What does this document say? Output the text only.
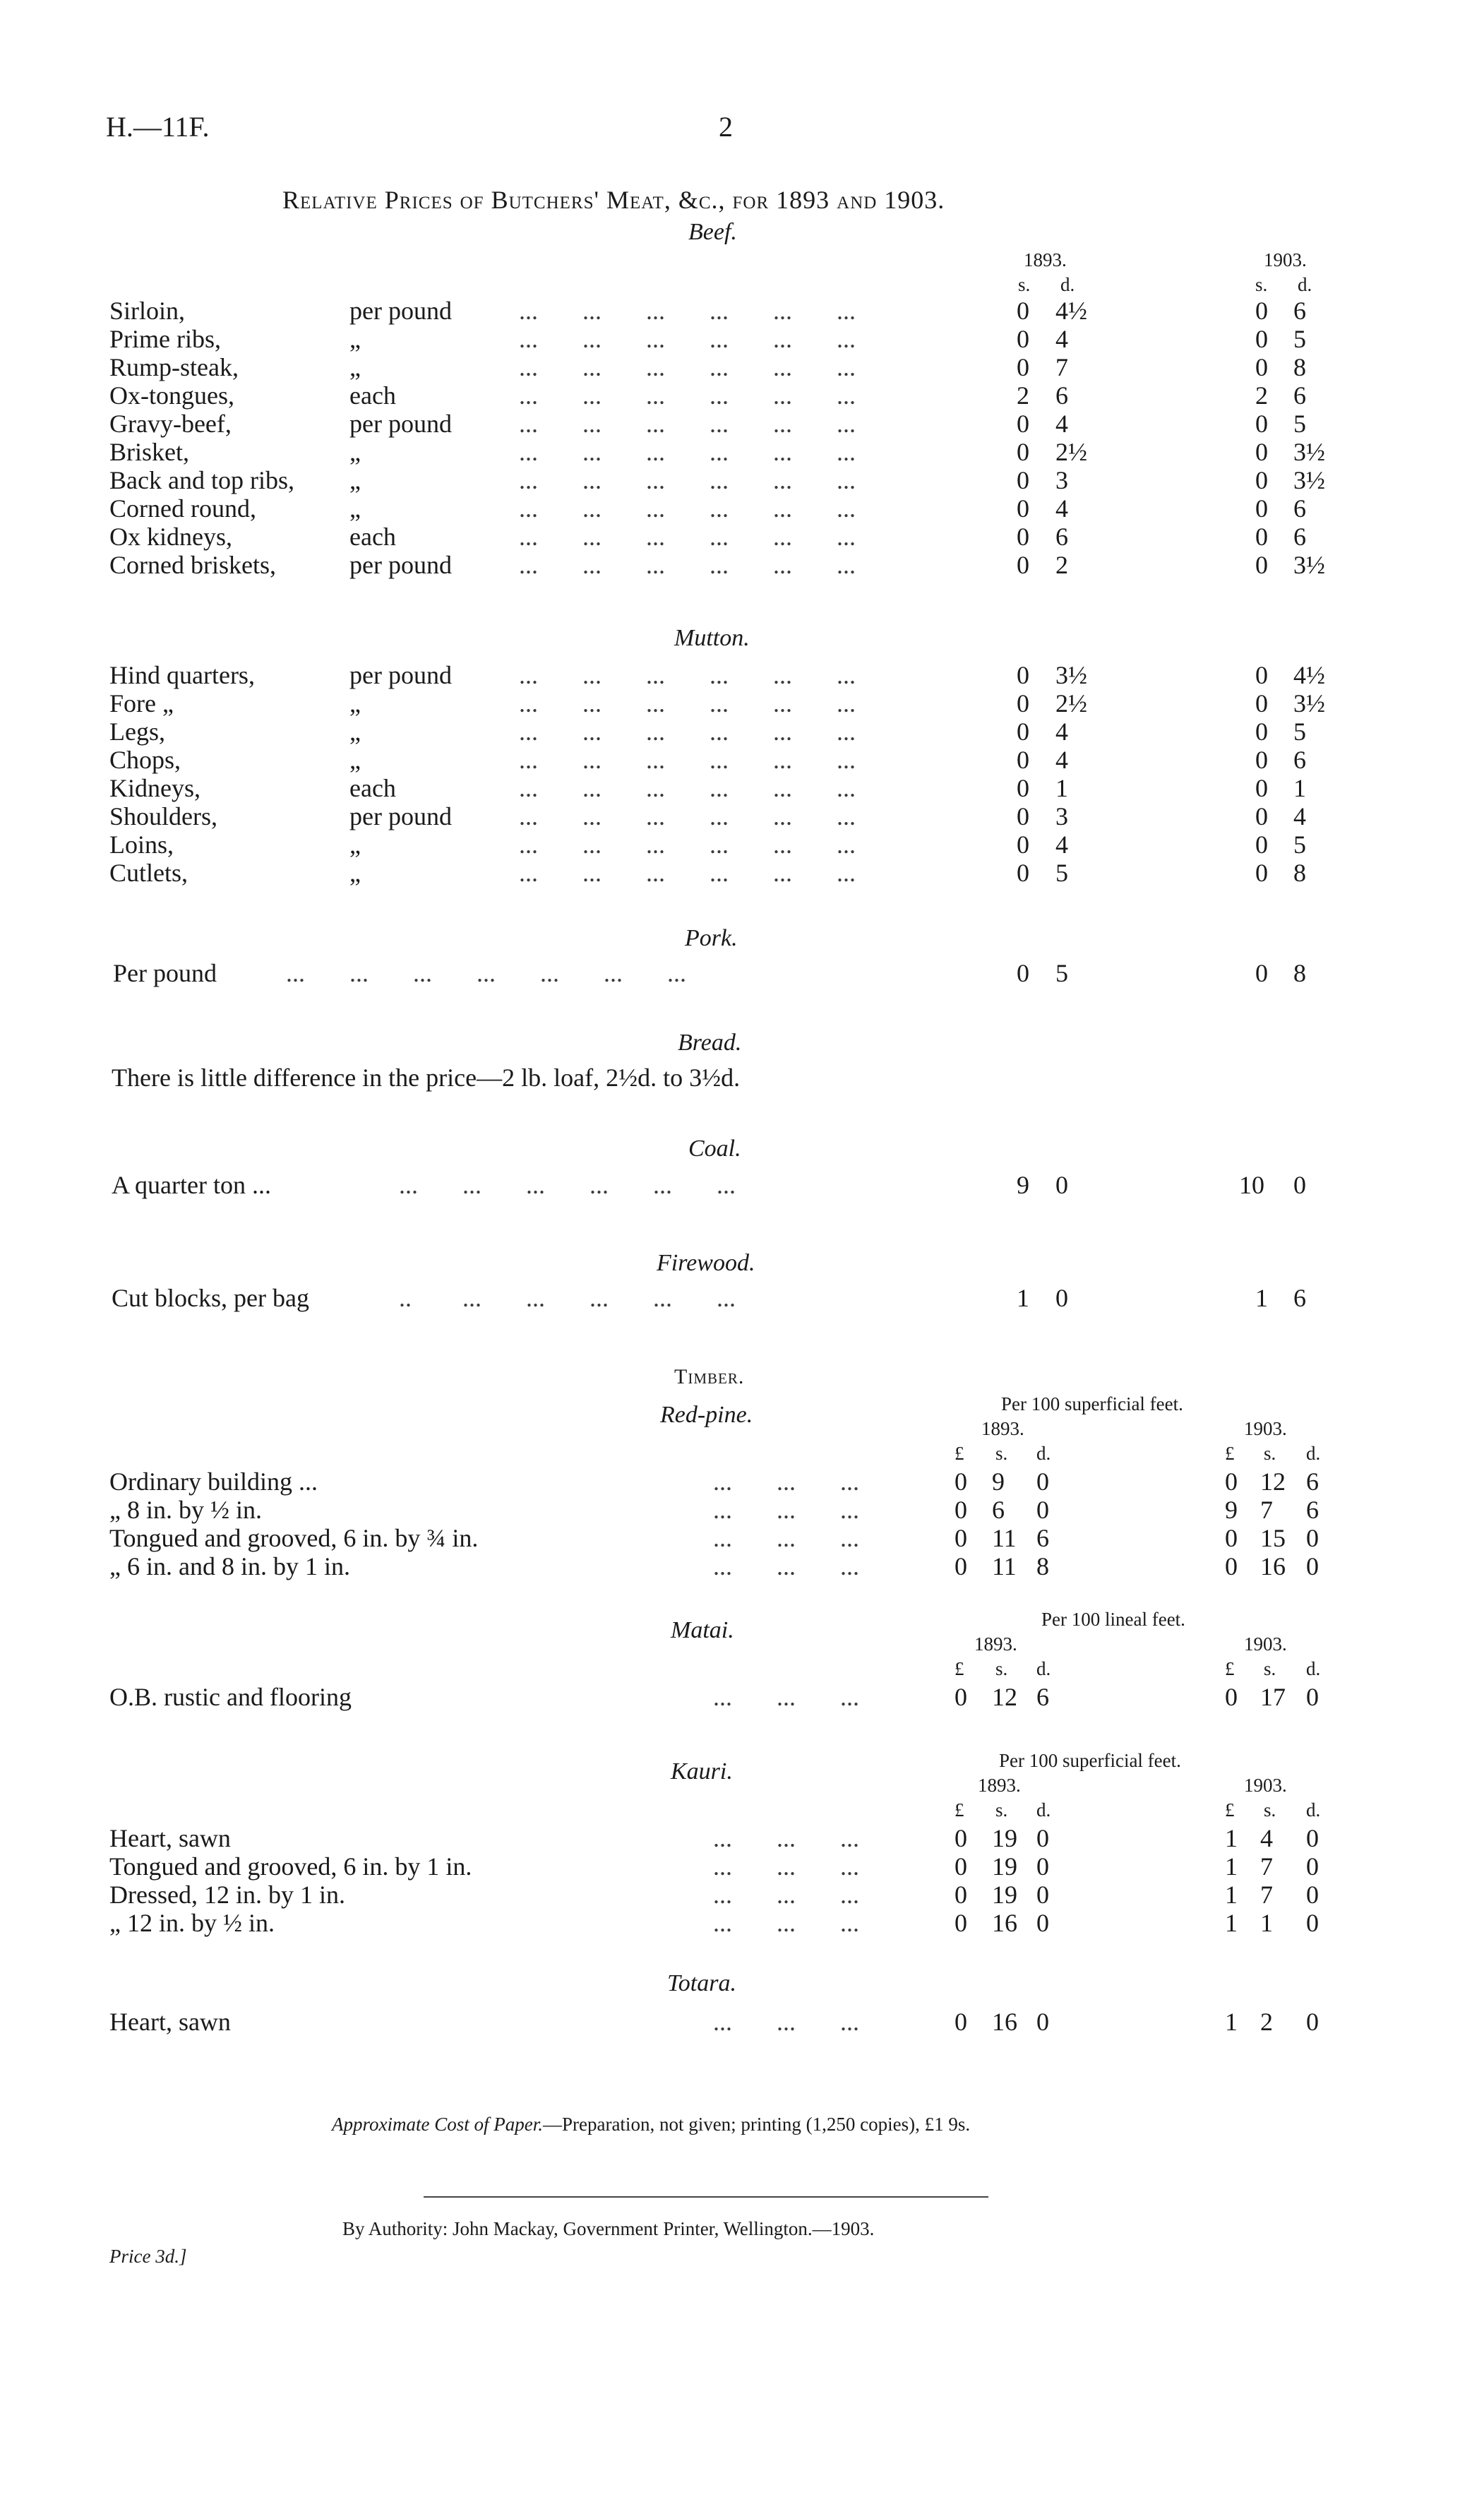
H.—11F.	2
Relative Prices of Butchers' Meat, &c., for 1893 and 1903.
Beef.
1893.	1903.
s. d.	s. d.
Sirloin,	per pound	...       ...       ...       ...       ...       ...	0 4½	0 6
Prime ribs,	„	...       ...       ...       ...       ...       ...	0 4	0 5
Rump-steak,	„	...       ...       ...       ...       ...       ...	0 7	0 8
Ox-tongues,	each	...       ...       ...       ...       ...       ...	2 6	2 6
Gravy-beef,	per pound	...       ...       ...       ...       ...       ...	0 4	0 5
Brisket,	„	...       ...       ...       ...       ...       ...	0 2½	0 3½
Back and top ribs, „	...       ...       ...       ...       ...       ...	0 3	0 3½
Corned round,	„	...       ...       ...       ...       ...       ...	0 4	0 6
Ox kidneys,	each	...       ...       ...       ...       ...       ...	0 6	0 6
Corned briskets,	per pound	...       ...       ...       ...       ...       ...	0 2	0 3½
Mutton.
Hind quarters,	per pound	...       ...       ...       ...       ...       ...	0 3½	0 4½
Fore „	„	...       ...       ...       ...       ...       ...	0 2½	0 3½
Legs,	„	...       ...       ...       ...       ...       ...	0 4	0 5
Chops,	„	...       ...       ...       ...       ...       ...	0 4	0 6
Kidneys,	each	...       ...       ...       ...       ...       ...	0 1	0 1
Shoulders,	per pound	...       ...       ...       ...       ...       ...	0 3	0 4
Loins,	„	...       ...       ...       ...       ...       ...	0 4	0 5
Cutlets,	„	...       ...       ...       ...       ...       ...	0 5	0 8
Pork.
Per pound	...       ...       ...       ...       ...       ...       ...	0 5	0 8
Bread.
There is little difference in the price—2 lb. loaf, 2½d. to 3½d.
Coal.
A quarter ton ...	...       ...       ...       ...       ...       ...	9 0	10 0
Firewood.
Cut blocks, per bag	..        ...       ...       ...       ...       ...	1 0	1 6
Timber.
Red-pine.	Per 100 superficial feet.
1893.	1903.
£ s. d.	£ s. d.
Ordinary building ...	...       ...       ...	0 9 0	0 12 6
„ 8 in. by ½ in.	...       ...       ...	0 6 0	9 7 6
Tongued and grooved, 6 in. by ¾ in.	...       ...       ...	0 11 6	0 15 0
„ 6 in. and 8 in. by 1 in.	...       ...       ...	0 11 8	0 16 0
Matai.	Per 100 lineal feet.
1893.	1903.
£ s. d.	£ s. d.
O.B. rustic and flooring	...       ...       ...	0 12 6	0 17 0
Kauri.	Per 100 superficial feet.
1893.	1903.
£ s. d.	£ s. d.
Heart, sawn	...       ...       ...	0 19 0	1 4 0
Tongued and grooved, 6 in. by 1 in.	...       ...       ...	0 19 0	1 7 0
Dressed, 12 in. by 1 in.	...       ...       ...	0 19 0	1 7 0
„ 12 in. by ½ in.	...       ...       ...	0 16 0	1 1 0
Totara.
Heart, sawn	...       ...       ...	0 16 0	1 2 0
Approximate Cost of Paper.—Preparation, not given; printing (1,250 copies), £1 9s.
By Authority: John Mackay, Government Printer, Wellington.—1903.
Price 3d.]
